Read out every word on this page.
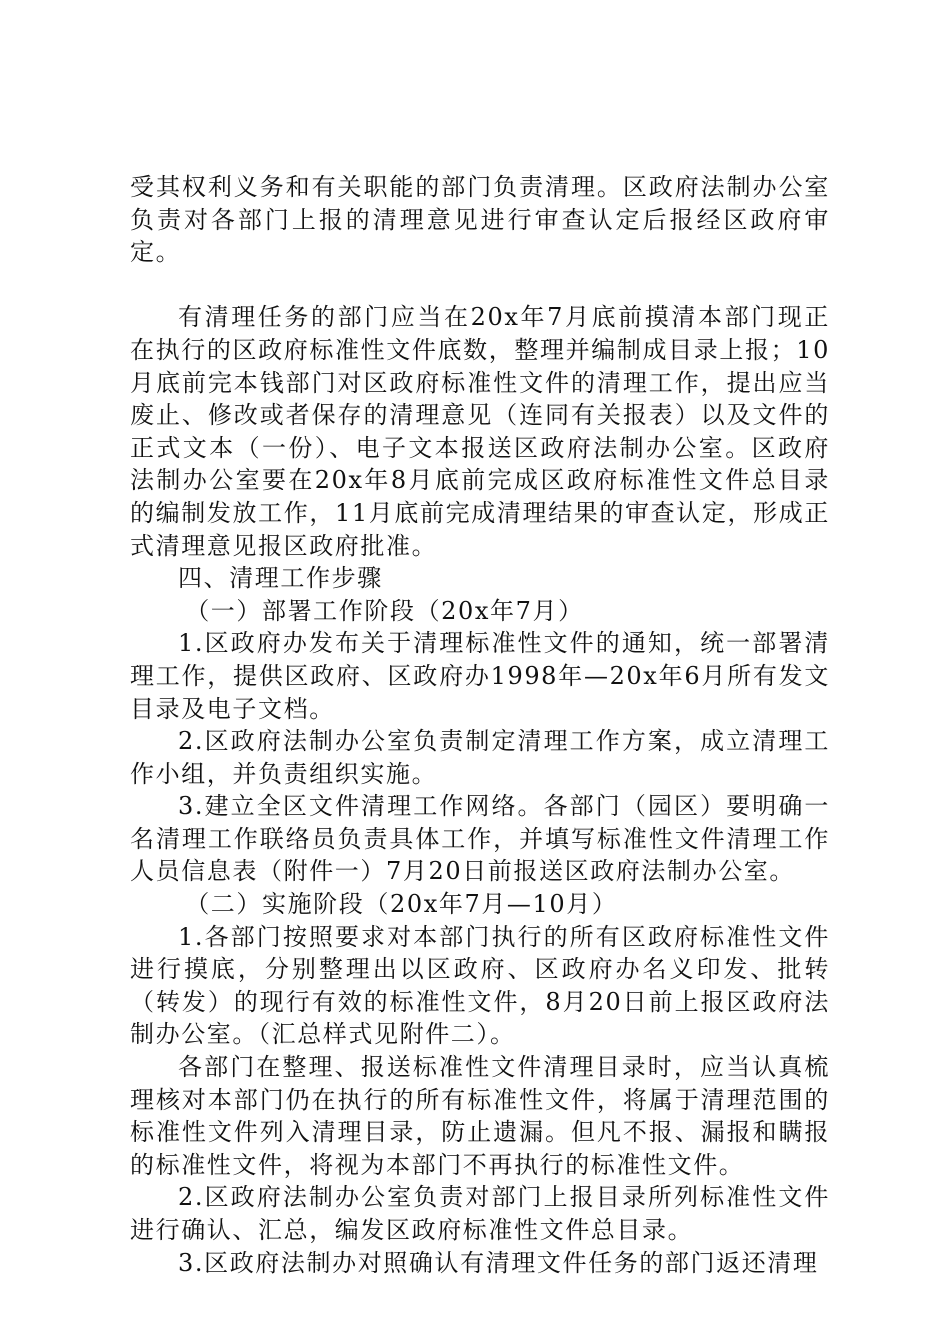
受其权利义务和有关职能的部门负责清理。区政府法制办公室负责对各部门上报的清理意见进行审查认定后报经区政府审定。

有清理任务的部门应当在20x年7月底前摸清本部门现正在执行的区政府标准性文件底数，整理并编制成目录上报；10月底前完本钱部门对区政府标准性文件的清理工作，提出应当废止、修改或者保存的清理意见（连同有关报表）以及文件的正式文本（一份）、电子文本报送区政府法制办公室。区政府法制办公室要在20x年8月底前完成区政府标准性文件总目录的编制发放工作，11月底前完成清理结果的审查认定，形成正式清理意见报区政府批准。

四、清理工作步骤

（一）部署工作阶段（20x年7月）

1.区政府办发布关于清理标准性文件的通知，统一部署清理工作，提供区政府、区政府办1998年—20x年6月所有发文目录及电子文档。

2.区政府法制办公室负责制定清理工作方案，成立清理工作小组，并负责组织实施。

3.建立全区文件清理工作网络。各部门（园区）要明确一名清理工作联络员负责具体工作，并填写标准性文件清理工作人员信息表（附件一）7月20日前报送区政府法制办公室。

（二）实施阶段（20x年7月—10月）

1.各部门按照要求对本部门执行的所有区政府标准性文件进行摸底，分别整理出以区政府、区政府办名义印发、批转（转发）的现行有效的标准性文件，8月20日前上报区政府法制办公室。（汇总样式见附件二）。

各部门在整理、报送标准性文件清理目录时，应当认真梳理核对本部门仍在执行的所有标准性文件，将属于清理范围的标准性文件列入清理目录，防止遗漏。但凡不报、漏报和瞒报的标准性文件，将视为本部门不再执行的标准性文件。

2.区政府法制办公室负责对部门上报目录所列标准性文件进行确认、汇总，编发区政府标准性文件总目录。

3.区政府法制办对照确认有清理文件任务的部门返还清理
